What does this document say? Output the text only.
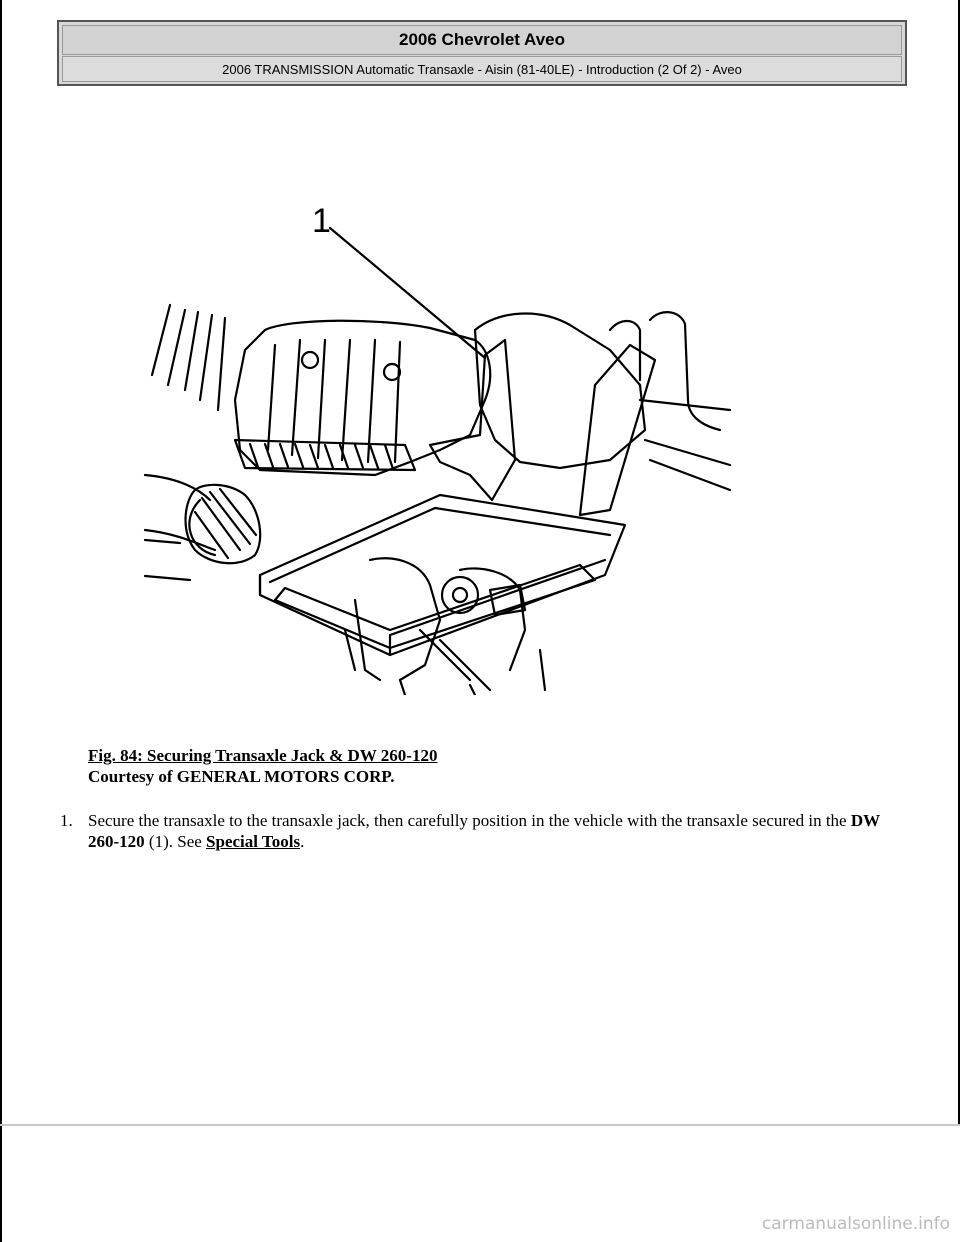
2006 Chevrolet Aveo
2006 TRANSMISSION Automatic Transaxle - Aisin (81-40LE) - Introduction (2 Of 2) - Aveo
1
Fig. 84: Securing Transaxle Jack & DW 260-120
Courtesy of GENERAL MOTORS CORP.
1. Secure the transaxle to the transaxle jack, then carefully position in the vehicle with the transaxle secured in the DW 260-120 (1). See Special Tools.
carmanualsonline.info
